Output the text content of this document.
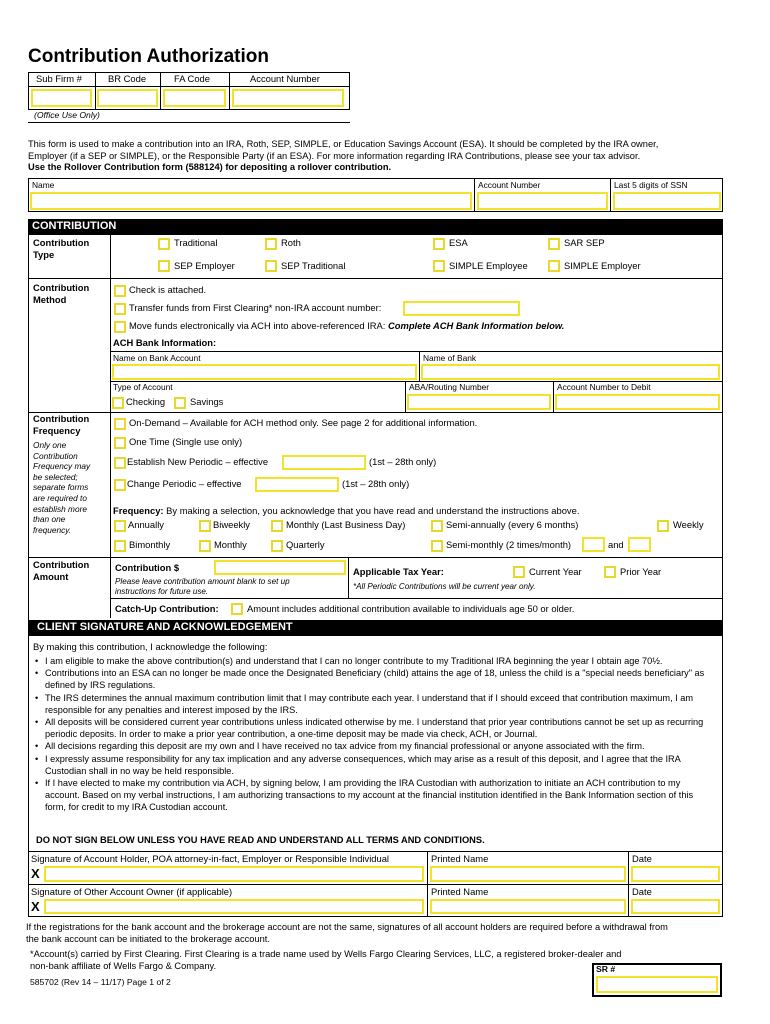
Contribution Authorization
Sub Firm #	BR Code	FA Code	Account Number
(Office Use Only)
This form is used to make a contribution into an IRA, Roth, SEP, SIMPLE, or Education Savings Account (ESA). It should be completed by the IRA owner,
Employer (if a SEP or SIMPLE), or the Responsible Party (if an ESA). For more information regarding IRA Contributions, please see your tax advisor.
Use the Rollover Contribution form (588124) for depositing a rollover contribution.
Name	Account Number	Last 5 digits of SSN
CONTRIBUTION
Contribution
Type
Traditional	Roth	ESA	SAR SEP
SEP Employer	SEP Traditional	SIMPLE Employee	SIMPLE Employer
Contribution
Method
Check is attached.
Transfer funds from First Clearing* non-IRA account number:
Move funds electronically via ACH into above-referenced IRA: Complete ACH Bank Information below.
ACH Bank Information:
Name on Bank Account	Name of Bank
Type of Account	ABA/Routing Number	Account Number to Debit
Checking	Savings
Contribution
Frequency
Only one
Contribution
Frequency may
be selected;
separate forms
are required to
establish more
than one
frequency.
On-Demand – Available for ACH method only. See page 2 for additional information.
One Time (Single use only)
Establish New Periodic – effective	(1st – 28th only)
Change Periodic – effective	(1st – 28th only)
Frequency: By making a selection, you acknowledge that you have read and understand the instructions above.
Annually	Biweekly	Monthly (Last Business Day)	Semi-annually (every 6 months)	Weekly
Bimonthly	Monthly	Quarterly	Semi-monthly (2 times/month)	and
Contribution
Amount
Contribution $
Please leave contribution amount blank to set up
instructions for future use.
Applicable Tax Year:	Current Year	Prior Year
*All Periodic Contributions will be current year only.
Catch-Up Contribution:	Amount includes additional contribution available to individuals age 50 or older.
CLIENT SIGNATURE AND ACKNOWLEDGEMENT
By making this contribution, I acknowledge the following:
• I am eligible to make the above contribution(s) and understand that I can no longer contribute to my Traditional IRA beginning the year I obtain age 70½.
• Contributions into an ESA can no longer be made once the Designated Beneficiary (child) attains the age of 18, unless the child is a "special needs beneficiary" as defined by IRS regulations.
• The IRS determines the annual maximum contribution limit that I may contribute each year. I understand that if I should exceed that contribution maximum, I am responsible for any penalties and interest imposed by the IRS.
• All deposits will be considered current year contributions unless indicated otherwise by me. I understand that prior year contributions cannot be set up as recurring periodic deposits. In order to make a prior year contribution, a one-time deposit may be made via check, ACH, or Journal.
• All decisions regarding this deposit are my own and I have received no tax advice from my financial professional or anyone associated with the firm.
• I expressly assume responsibility for any tax implication and any adverse consequences, which may arise as a result of this deposit, and I agree that the IRA Custodian shall in no way be held responsible.
• If I have elected to make my contribution via ACH, by signing below, I am providing the IRA Custodian with authorization to initiate an ACH contribution to my account. Based on my verbal instructions, I am authorizing transactions to my account at the financial institution identified in the Bank Information section of this form, for credit to my IRA Custodian account.
DO NOT SIGN BELOW UNLESS YOU HAVE READ AND UNDERSTAND ALL TERMS AND CONDITIONS.
Signature of Account Holder, POA attorney-in-fact, Employer or Responsible Individual
X
Printed Name	Date
Signature of Other Account Owner (if applicable)
X
Printed Name	Date
If the registrations for the bank account and the brokerage account are not the same, signatures of all account holders are required before a withdrawal from
the bank account can be initiated to the brokerage account.
*Account(s) carried by First Clearing. First Clearing is a trade name used by Wells Fargo Clearing Services, LLC, a registered broker-dealer and
non-bank affiliate of Wells Fargo & Company.
585702 (Rev 14 – 11/17) Page 1 of 2
SR #
